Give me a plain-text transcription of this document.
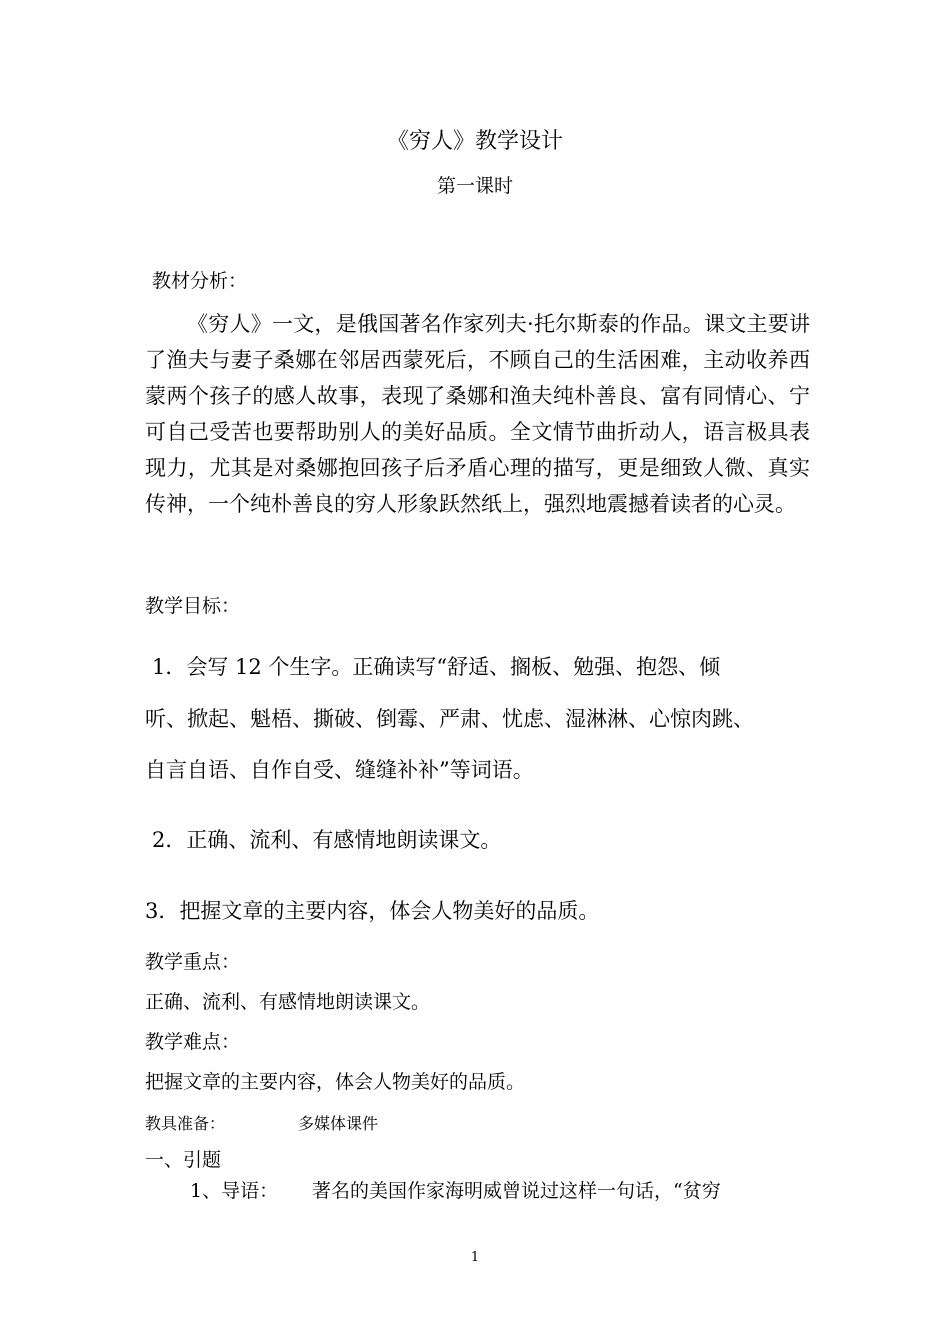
《穷人》教学设计
第一课时
教材分析：
《穷人》一文，是俄国著名作家列夫·托尔斯泰的作品。课文主要讲了渔夫与妻子桑娜在邻居西蒙死后，不顾自己的生活困难，主动收养西蒙两个孩子的感人故事，表现了桑娜和渔夫纯朴善良、富有同情心、宁可自己受苦也要帮助别人的美好品质。全文情节曲折动人，语言极具表现力，尤其是对桑娜抱回孩子后矛盾心理的描写，更是细致人微、真实传神，一个纯朴善良的穷人形象跃然纸上，强烈地震撼着读者的心灵。
教学目标：
1．会写 12 个生字。正确读写“舒适、搁板、勉强、抱怨、倾
听、掀起、魁梧、撕破、倒霉、严肃、忧虑、湿淋淋、心惊肉跳、
自言自语、自作自受、缝缝补补”等词语。
2．正确、流利、有感情地朗读课文。
3．把握文章的主要内容，体会人物美好的品质。
教学重点：
正确、流利、有感情地朗读课文。
教学难点：
把握文章的主要内容，体会人物美好的品质。
教具准备：	多媒体课件
一、引题
1、导语： 著名的美国作家海明威曾说过这样一句话，“贫穷
1
